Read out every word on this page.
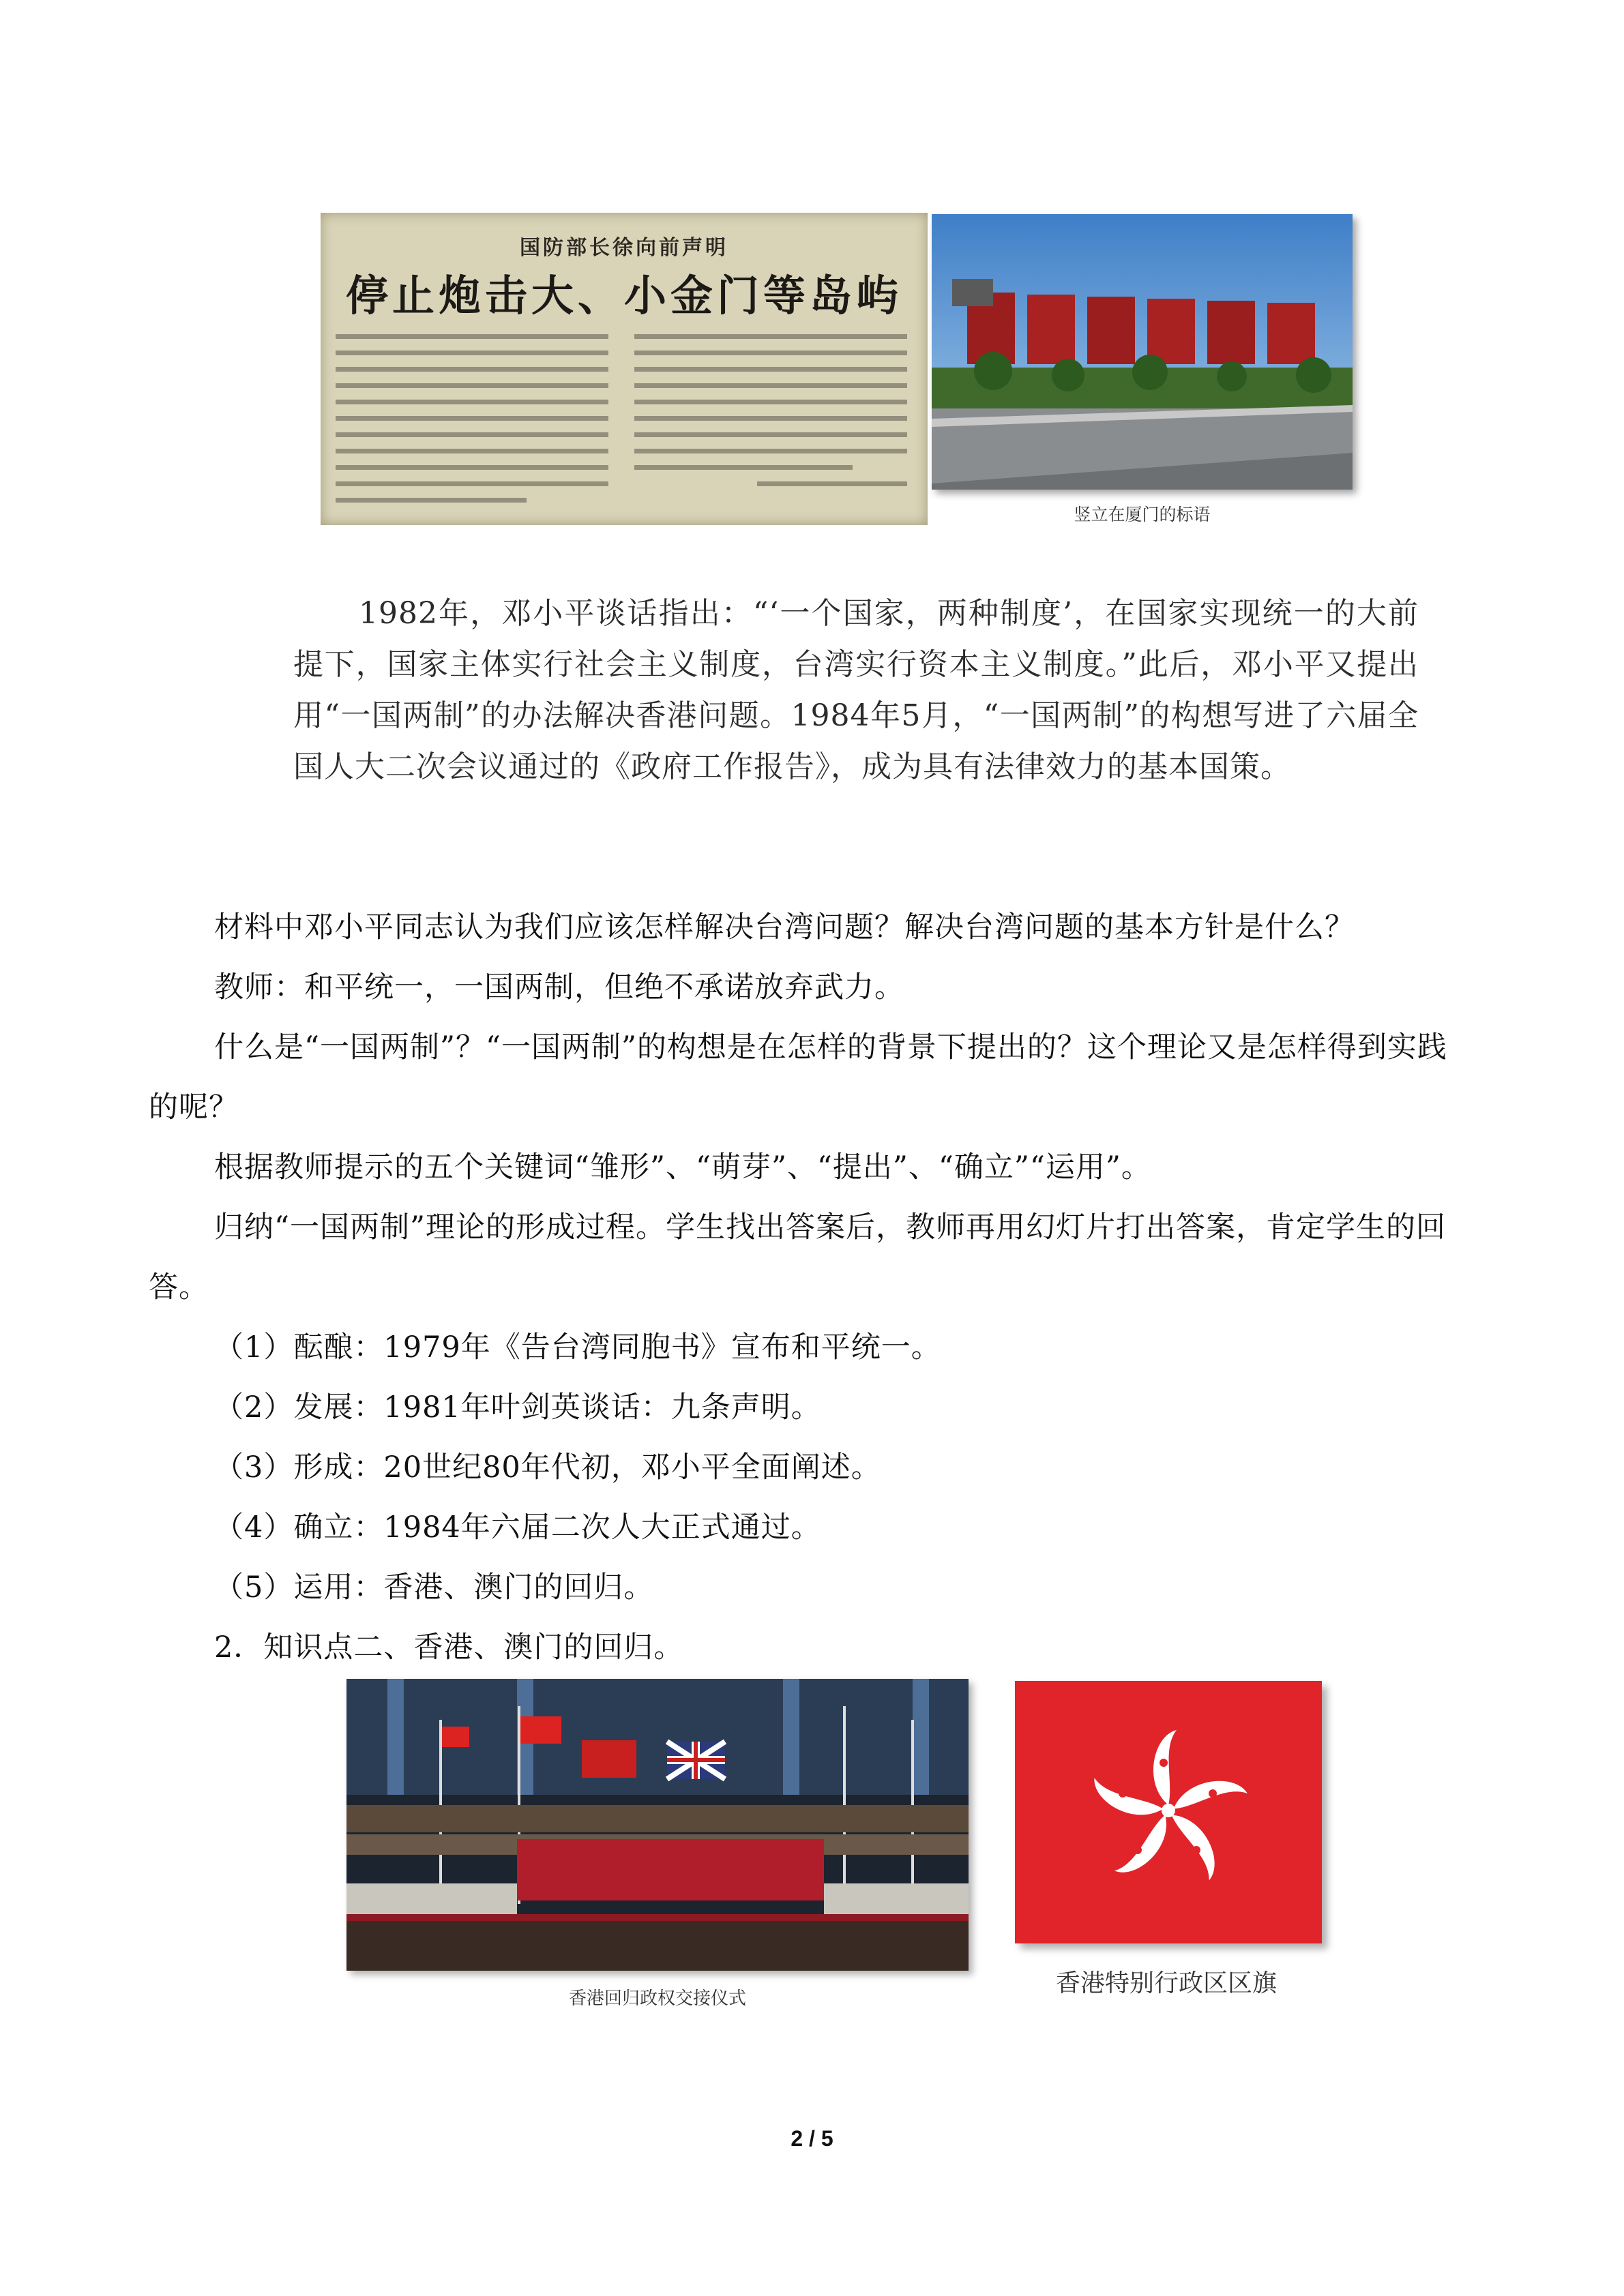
国防部长徐向前声明
停止炮击大、小金门等岛屿
竖立在厦门的标语
1982年，邓小平谈话指出：“‘一个国家，两种制度’，在国家实现统一的大前提下，国家主体实行社会主义制度，台湾实行资本主义制度。”此后，邓小平又提出用“一国两制”的办法解决香港问题。1984年5月，“一国两制”的构想写进了六届全国人大二次会议通过的《政府工作报告》，成为具有法律效力的基本国策。
材料中邓小平同志认为我们应该怎样解决台湾问题？解决台湾问题的基本方针是什么？
教师：和平统一，一国两制，但绝不承诺放弃武力。
什么是“一国两制”？“一国两制”的构想是在怎样的背景下提出的？这个理论又是怎样得到实践的呢？
根据教师提示的五个关键词“雏形”、“萌芽”、“提出”、“确立”“运用”。
归纳“一国两制”理论的形成过程。学生找出答案后，教师再用幻灯片打出答案，肯定学生的回答。
（1）酝酿：1979年《告台湾同胞书》宣布和平统一。
（2）发展：1981年叶剑英谈话：九条声明。
（3）形成：20世纪80年代初，邓小平全面阐述。
（4）确立：1984年六届二次人大正式通过。
（5）运用：香港、澳门的回归。
2．知识点二、香港、澳门的回归。
香港回归政权交接仪式
香港特别行政区区旗
2 / 5
